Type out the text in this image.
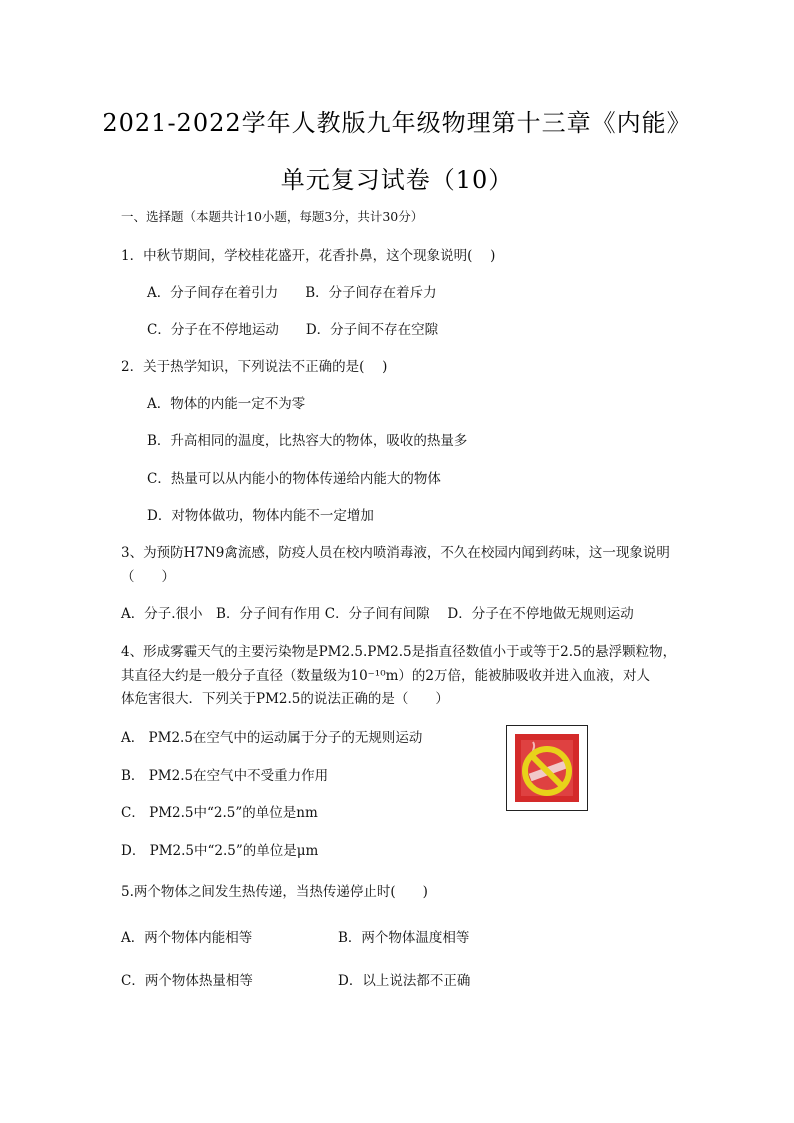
2021-2022学年人教版九年级物理第十三章《内能》
单元复习试卷（10）
一、选择题（本题共计10小题，每题3分，共计30分）
1．中秋节期间，学校桂花盛开，花香扑鼻，这个现象说明(　 )
A．分子间存在着引力　　B．分子间存在着斥力
C．分子在不停地运动　　D．分子间不存在空隙
2．关于热学知识，下列说法不正确的是(　 )
A．物体的内能一定不为零
B．升高相同的温度，比热容大的物体，吸收的热量多
C．热量可以从内能小的物体传递给内能大的物体
D．对物体做功，物体内能不一定增加
3、为预防H7N9禽流感，防疫人员在校内喷消毒液，不久在校园内闻到药味，这一现象说明
（　　）
A．分子.很小　B．分子间有作用 C．分子间有间隙　 D．分子在不停地做无规则运动
4、形成雾霾天气的主要污染物是PM2.5.PM2.5是指直径数值小于或等于2.5的悬浮颗粒物，
其直径大约是一般分子直径（数量级为10⁻¹⁰m）的2万倍，能被肺吸收并进入血液，对人
体危害很大．下列关于PM2.5的说法正确的是（　　）
A． PM2.5在空气中的运动属于分子的无规则运动
B． PM2.5在空气中不受重力作用
C． PM2.5中“2.5”的单位是nm
D． PM2.5中“2.5”的单位是μm
5.两个物体之间发生热传递，当热传递停止时(　　)
A．两个物体内能相等	B．两个物体温度相等
C．两个物体热量相等	D．以上说法都不正确
